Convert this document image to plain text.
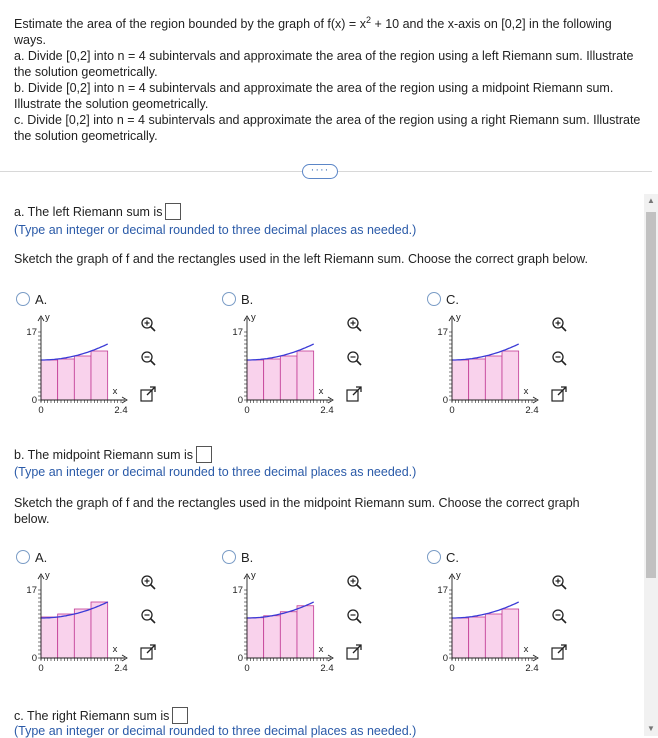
Estimate the area of the region bounded by the graph of $f(x) = x^2 + 10$ and the x-axis on [0,2] in the following ways.

a. Divide [0,2] into n = 4 subintervals and approximate the area of the region using a left Riemann sum. Illustrate the solution geometrically.

b. Divide [0,2] into n = 4 subintervals and approximate the area of the region using a midpoint Riemann sum. Illustrate the solution geometrically.

c. Divide [0,2] into n = 4 subintervals and approximate the area of the region using a right Riemann sum. Illustrate the solution geometrically.

····
a. The left Riemann sum is
(Type an integer or decimal rounded to three decimal places as needed.)
Sketch the graph of f and the rectangles used in the left Riemann sum. Choose the correct graph below.
b. The midpoint Riemann sum is
(Type an integer or decimal rounded to three decimal places as needed.)
Sketch the graph of f and the rectangles used in the midpoint Riemann sum. Choose the correct graph below.
c. The right Riemann sum is
(Type an integer or decimal rounded to three decimal places as needed.)
▲
▼
A.
y
17
0
0	2.4
x
B.
y
17
0
0	2.4
x
C.
y
17
0
0	2.4
x
A.
y
17
0
0	2.4
x
B.
y
17
0
0	2.4
x
C.
y
17
0
0	2.4
x
